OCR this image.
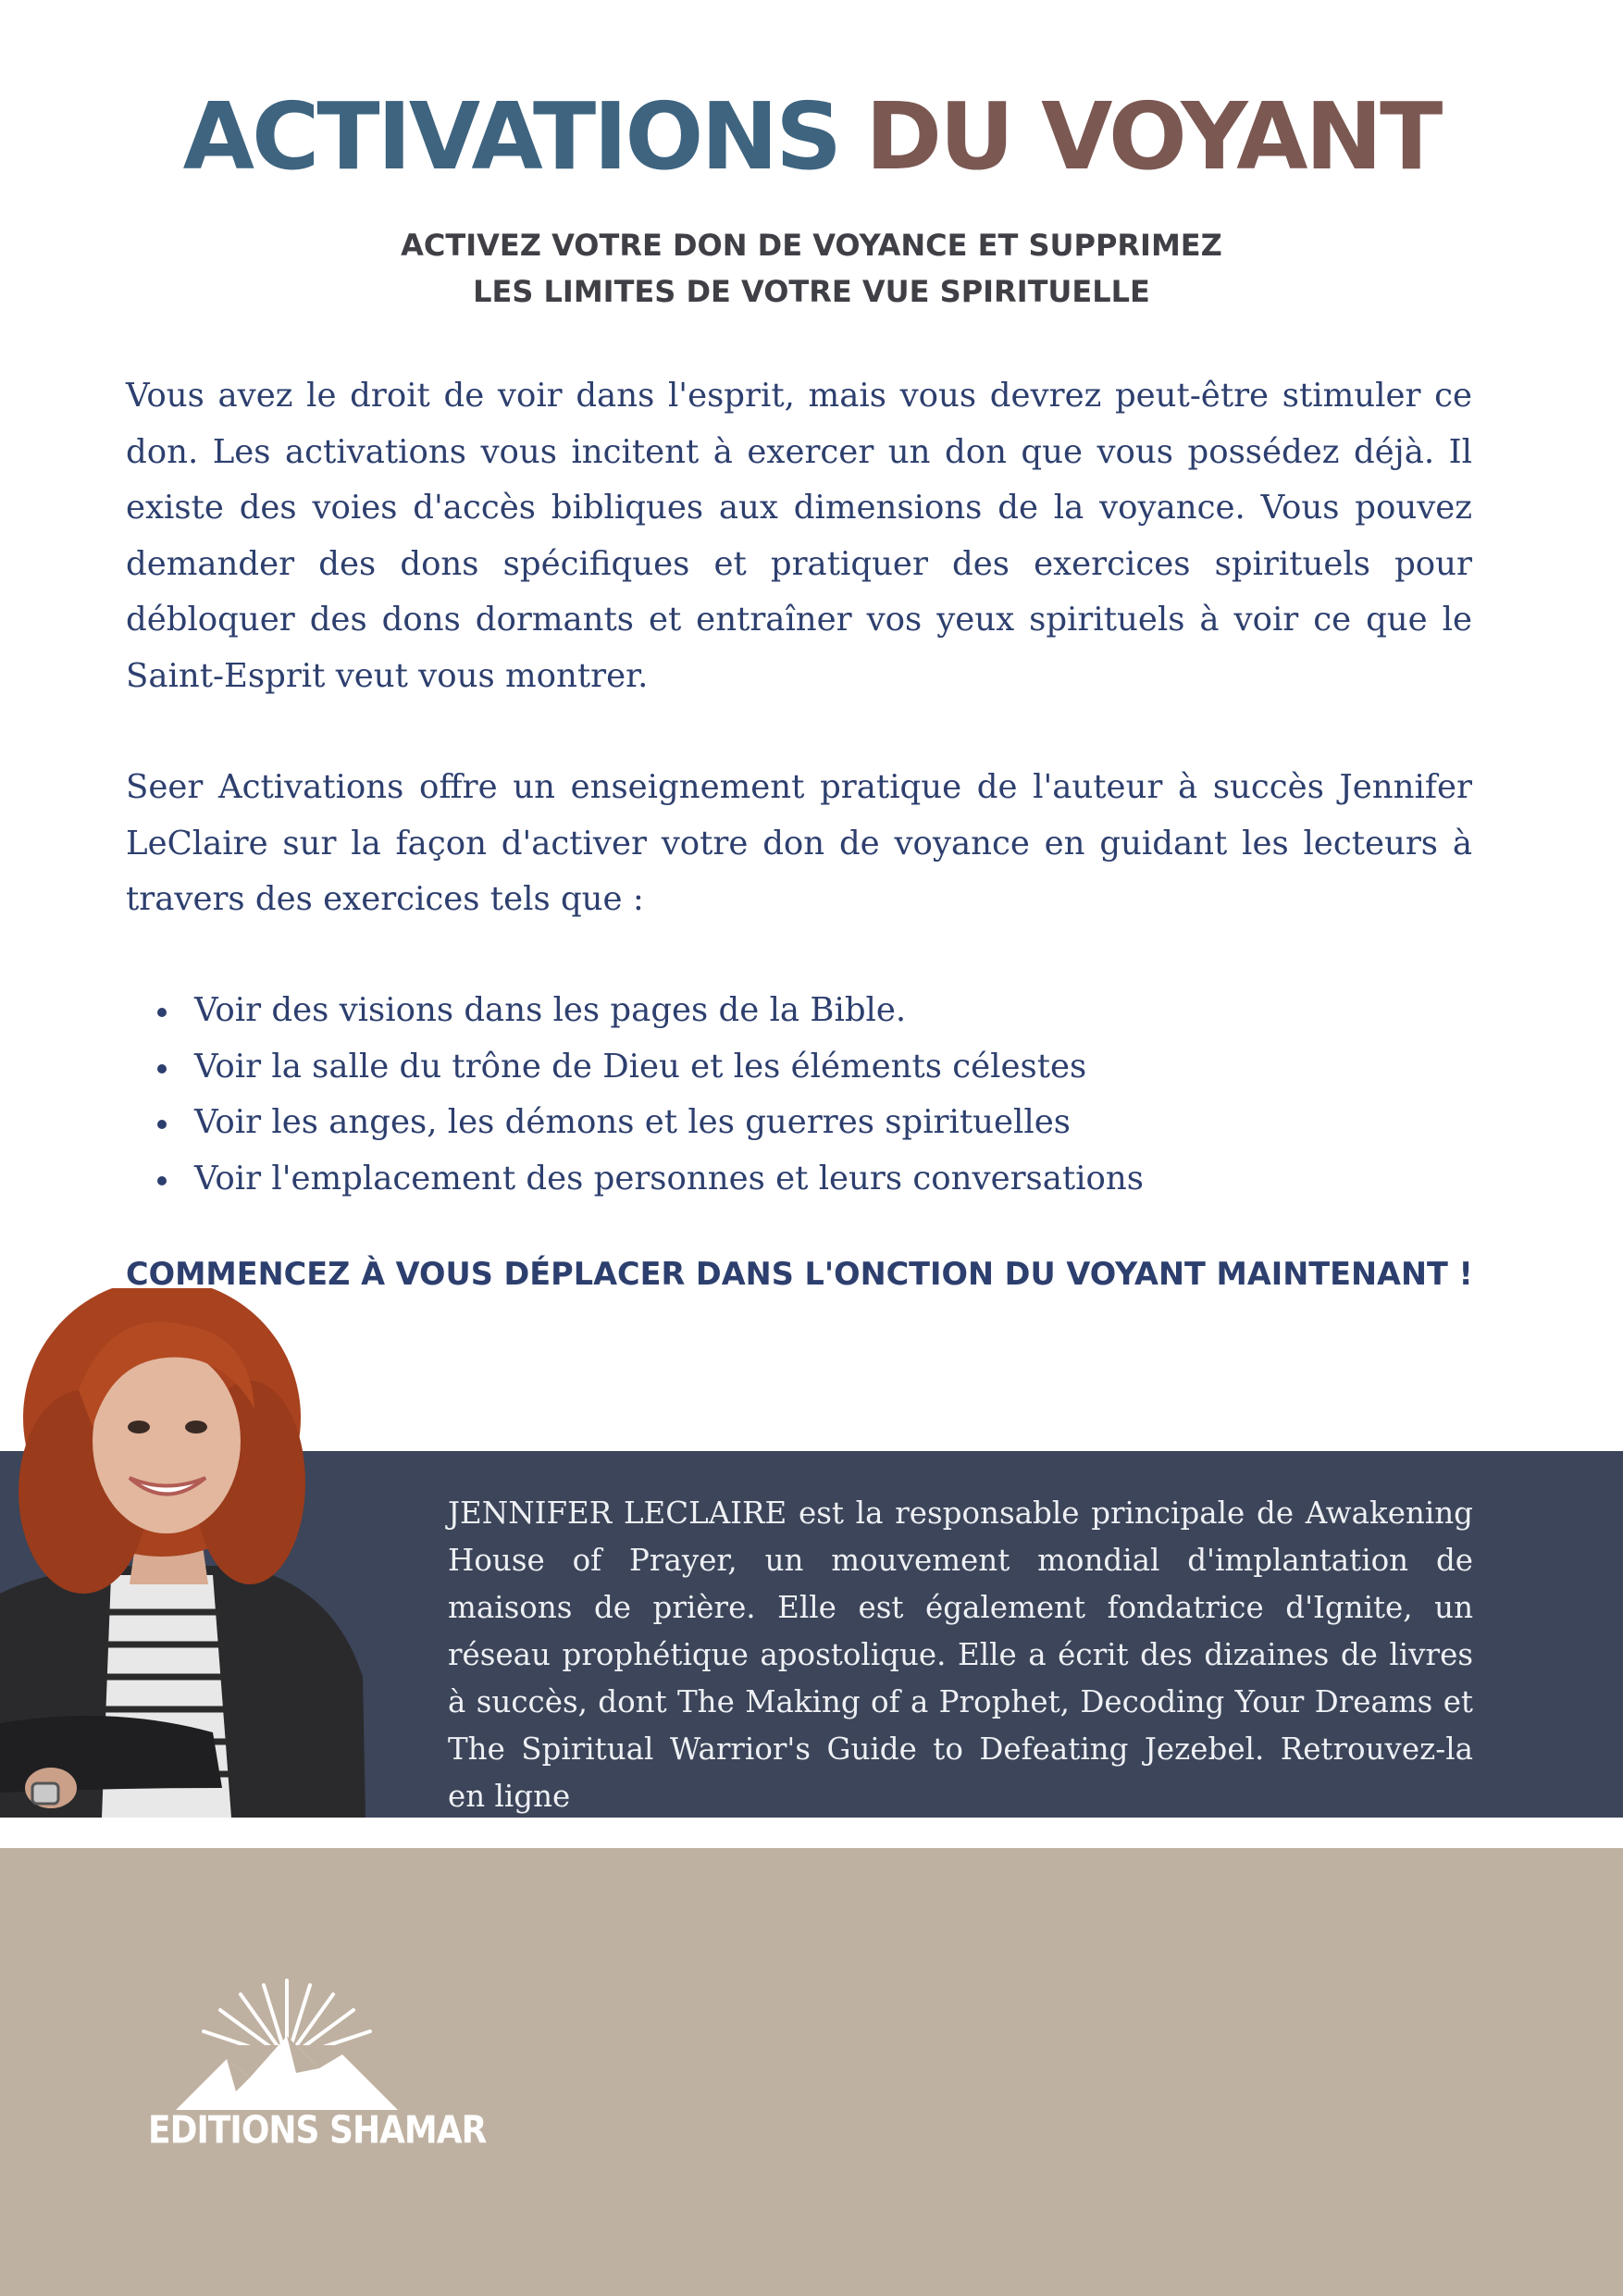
ACTIVATIONS DU VOYANT
ACTIVEZ VOTRE DON DE VOYANCE ET SUPPRIMEZ
LES LIMITES DE VOTRE VUE SPIRITUELLE

Vous avez le droit de voir dans l'esprit, mais vous devrez peut-être stimuler ce don. Les activations vous incitent à exercer un don que vous possédez déjà. Il existe des voies d'accès bibliques aux dimensions de la voyance. Vous pouvez demander des dons spécifiques et pratiquer des exercices spirituels pour débloquer des dons dormants et entraîner vos yeux spirituels à voir ce que le Saint-Esprit veut vous montrer.

Seer Activations offre un enseignement pratique de l'auteur à succès Jennifer LeClaire sur la façon d'activer votre don de voyance en guidant les lecteurs à travers des exercices tels que :

Voir des visions dans les pages de la Bible.
Voir la salle du trône de Dieu et les éléments célestes
Voir les anges, les démons et les guerres spirituelles
Voir l'emplacement des personnes et leurs conversations
COMMENCEZ À VOUS DÉPLACER DANS L'ONCTION DU VOYANT MAINTENANT !

JENNIFER LECLAIRE est la responsable principale de Awakening House of Prayer, un mouvement mondial d'implantation de maisons de prière. Elle est également fondatrice d'Ignite, un réseau prophétique apostolique. Elle a écrit des dizaines de livres à succès, dont The Making of a Prophet, Decoding Your Dreams et The Spiritual Warrior's Guide to Defeating Jezebel. Retrouvez-la en ligne

EDITIONS SHAMAR
